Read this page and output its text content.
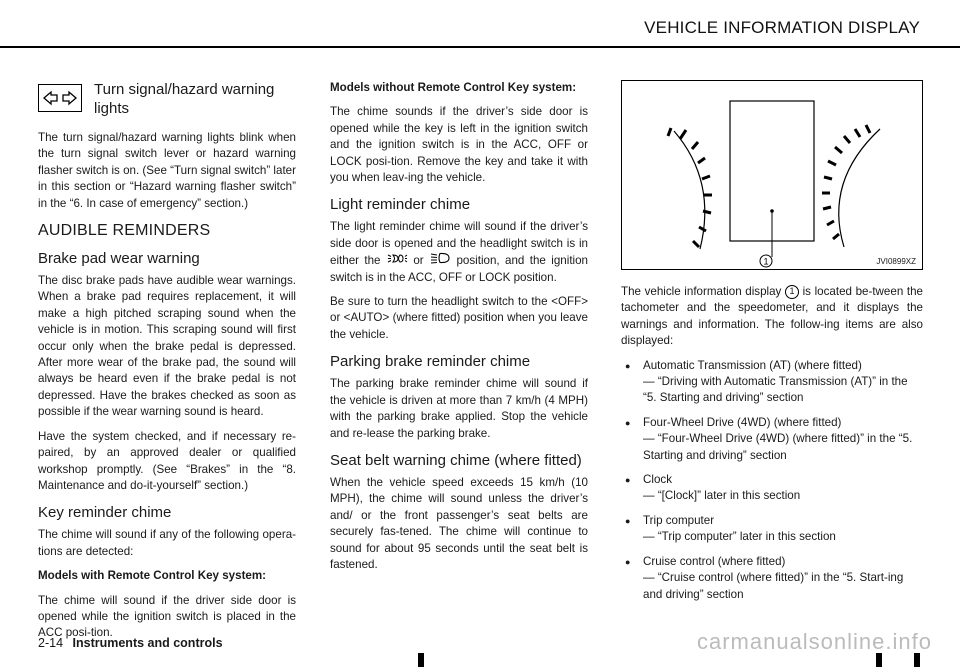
VEHICLE INFORMATION DISPLAY
Turn signal/hazard warning
lights

The turn signal/hazard warning lights blink when the turn signal switch lever or hazard warning flasher switch is on. (See “Turn signal switch” later in this section or “Hazard warning flasher switch” in the “6. In case of emergency” section.)

AUDIBLE REMINDERS
Brake pad wear warning

The disc brake pads have audible wear warnings. When a brake pad requires replacement, it will make a high pitched scraping sound when the vehicle is in motion. This scraping sound will first occur only when the brake pedal is depressed. After more wear of the brake pad, the sound will always be heard even if the brake pedal is not depressed. Have the brakes checked as soon as possible if the wear warning sound is heard.

Have the system checked, and if necessary re-paired, by an approved dealer or qualified workshop promptly. (See “Brakes” in the “8. Maintenance and do-it-yourself” section.)

Key reminder chime

The chime will sound if any of the following opera-tions are detected:

Models with Remote Control Key system:

The chime will sound if the driver side door is opened while the ignition switch is placed in the ACC posi-tion.

Models without Remote Control Key system:

The chime sounds if the driver’s side door is opened while the key is left in the ignition switch and the ignition switch is in the ACC, OFF or LOCK posi-tion. Remove the key and take it with you when leav-ing the vehicle.

Light reminder chime

The light reminder chime will sound if the driver’s side door is opened and the headlight switch is in either the	or	position, and the ignition switch is in the ACC, OFF or LOCK position.

Be sure to turn the headlight switch to the <OFF> or <AUTO> (where fitted) position when you leave the vehicle.

Parking brake reminder chime

The parking brake reminder chime will sound if the vehicle is driven at more than 7 km/h (4 MPH) with the parking brake applied. Stop the vehicle and re-lease the parking brake.

Seat belt warning chime (where fitted)

When the vehicle speed exceeds 15 km/h (10 MPH), the chime will sound unless the driver’s and/ or the front passenger’s seat belts are securely fas-tened. The chime will continue to sound for about 95 seconds until the seat belt is fastened.

1	JVI0899XZ

The vehicle information display 1 is located be-tween the tachometer and the speedometer, and it displays the warnings and information. The follow-ing items are also displayed:

● Automatic Transmission (AT) (where fitted)
— “Driving with Automatic Transmission (AT)” in the “5. Starting and driving” section
● Four-Wheel Drive (4WD) (where fitted)
— “Four-Wheel Drive (4WD) (where fitted)” in the “5. Starting and driving” section
● Clock
— “[Clock]” later in this section
● Trip computer
— “Trip computer” later in this section
● Cruise control (where fitted)
— “Cruise control (where fitted)” in the “5. Start-ing and driving” section
2-14 Instruments and controls	carmanualsonline.info
